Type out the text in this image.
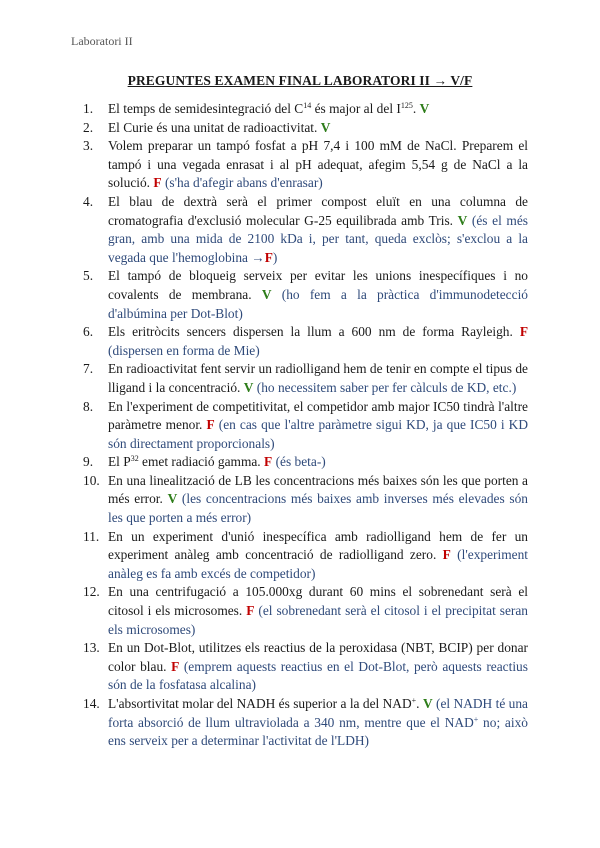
Laboratori II
PREGUNTES EXAMEN FINAL LABORATORI II → V/F
1. El temps de semidesintegració del $C^{14}$ és major al del $I^{125}$. V
2. El Curie és una unitat de radioactivitat. V
3. Volem preparar un tampó fosfat a pH 7,4 i 100 mM de NaCl. Preparem el tampó i una vegada enrasat i al pH adequat, afegim 5,54 g de NaCl a la solució. F (s'ha d'afegir abans d'enrasar)
4. El blau de dextrà serà el primer compost eluït en una columna de cromatografia d'exclusió molecular G-25 equilibrada amb Tris. V (és el més gran, amb una mida de 2100 kDa i, per tant, queda exclòs; s'exclou a la vegada que l'hemoglobina →F)
5. El tampó de bloqueig serveix per evitar les unions inespecífiques i no covalents de membrana. V (ho fem a la pràctica d'immunodetecció d'albúmina per Dot-Blot)
6. Els eritròcits sencers dispersen la llum a 600 nm de forma Rayleigh. F (dispersen en forma de Mie)
7. En radioactivitat fent servir un radiolligand hem de tenir en compte el tipus de lligand i la concentració. V (ho necessitem saber per fer càlculs de KD, etc.)
8. En l'experiment de competitivitat, el competidor amb major IC50 tindrà l'altre paràmetre menor. F (en cas que l'altre paràmetre sigui KD, ja que IC50 i KD són directament proporcionals)
9. El $P^{32}$ emet radiació gamma. F (és beta-)
10. En una linealització de LB les concentracions més baixes són les que porten a més error. V (les concentracions més baixes amb inverses més elevades són les que porten a més error)
11. En un experiment d'unió inespecífica amb radiolligand hem de fer un experiment anàleg amb concentració de radiolligand zero. F (l'experiment anàleg es fa amb excés de competidor)
12. En una centrifugació a 105.000xg durant 60 mins el sobrenedant serà el citosol i els microsomes. F (el sobrenedant serà el citosol i el precipitat seran els microsomes)
13. En un Dot-Blot, utilitzes els reactius de la peroxidasa (NBT, BCIP) per donar color blau. F (emprem aquests reactius en el Dot-Blot, però aquests reactius són de la fosfatasa alcalina)
14. L'absortivitat molar del NADH és superior a la del NAD+. V (el NADH té una forta absorció de llum ultraviolada a 340 nm, mentre que el NAD+ no; això ens serveix per a determinar l'activitat de l'LDH)
